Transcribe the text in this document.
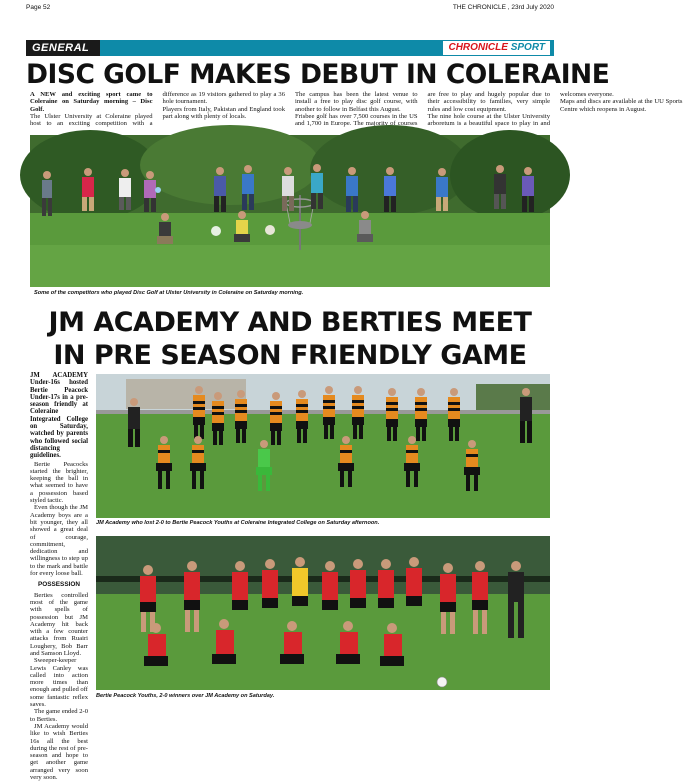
Page 52	THE CHRONICLE , 23rd July 2020
GENERAL	CHRONICLE SPORT
DISC GOLF MAKES DEBUT IN COLERAINE

A NEW and exciting sport came to Coleraine on Saturday morning – Disc Golf.

The Ulster University at Coleraine played host to an exciting competition with a difference as 19 visitors gathered to play a 36 hole tournament.

Players from Italy, Pakistan and England took part along with plenty of locals.

The campus has been the latest venue to install a free to play disc golf course, with another to follow in Belfast this August.

Frisbee golf has over 7,500 courses in the US and 1,700 in Europe. The majority of courses are free to play and hugely popular due to their accessibility to families, very simple rules and low cost equipment.

The nine hole course at the Ulster University arboretum is a beautiful space to play in and welcomes everyone.

Maps and discs are available at the UU Sports Centre which reopens in August.

Some of the competitors who played Disc Golf at Ulster University in Coleraine on Saturday morning.
JM ACADEMY AND BERTIES MEET
IN PRE SEASON FRIENDLY GAME
JM ACADEMY Under-16s hosted Bertie Peacock Under-17s in a pre-season friendly at Coleraine Integrated College on Saturday, watched by parents who followed social distancing guidelines.

Bertie Peacocks started the brighter, keeping the ball in what seemed to have a possession based styled tactic.

Even though the JM Academy boys are a bit younger, they all showed a great deal of courage, commitment, dedication and willingness to step up to the mark and battle for every loose ball.

POSSESSION

Berties controlled most of the game with spells of possession but JM Academy hit back with a few counter attacks from Ruairi Loughery, Bob Barr and Samson Lloyd.

Sweeper-keeper Lewis Canley was called into action more times than enough and pulled off some fantastic reflex saves.

The game ended 2-0 to Berties.

JM Academy would like to wish Berties 16s all the best during the rest of pre-season and hope to get another game arranged very soon very soon.

JM Academy who lost 2-0 to Bertie Peacock Youths at Coleraine Integrated College on Saturday afternoon.
Bertie Peacock Youths, 2-0 winners over JM Academy on Saturday.
